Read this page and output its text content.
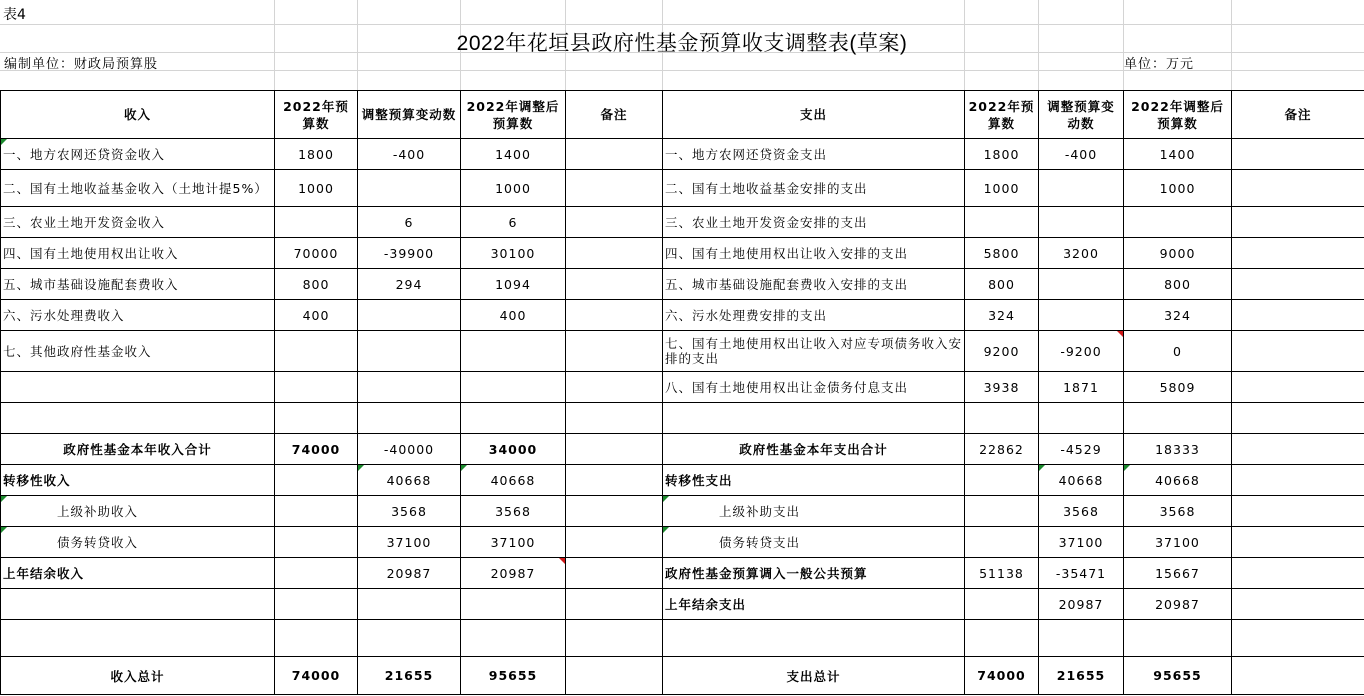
表4
2022年花垣县政府性基金预算收支调整表(草案)
编制单位：财政局预算股	单位：万元
收入	2022年预算数	调整预算变动数	2022年调整后预算数	备注	支出	2022年预算数	调整预算变动数	2022年调整后预算数	备注

一、地方农网还贷资金收入	1800	-400	1400		一、地方农网还贷资金支出	1800	-400	1400	
二、国有土地收益基金收入（土地计提5%）	1000		1000		二、国有土地收益基金安排的支出	1000		1000	
三、农业土地开发资金收入		6	6		三、农业土地开发资金安排的支出				
四、国有土地使用权出让收入	70000	-39900	30100		四、国有土地使用权出让收入安排的支出	5800	3200	9000	
五、城市基础设施配套费收入	800	294	1094		五、城市基础设施配套费收入安排的支出	800		800	
六、污水处理费收入	400		400		六、污水处理费安排的支出	324		324	
七、其他政府性基金收入					七、国有土地使用权出让收入对应专项债务收入安排的支出	9200	-9200	0	
					八、国有土地使用权出让金债务付息支出	3938	1871	5809	

政府性基金本年收入合计	74000	-40000	34000		政府性基金本年支出合计	22862	-4529	18333	
转移性收入		40668	40668		转移性支出		40668	40668	

上级补助收入		3568	3568		上级补助支出		3568	3568	

债务转贷收入		37100	37100		债务转贷支出		37100	37100	
上年结余收入		20987	20987		政府性基金预算调入一般公共预算	51138	-35471	15667	
					上年结余支出		20987	20987	

收入总计	74000	21655	95655		支出总计	74000	21655	95655	
